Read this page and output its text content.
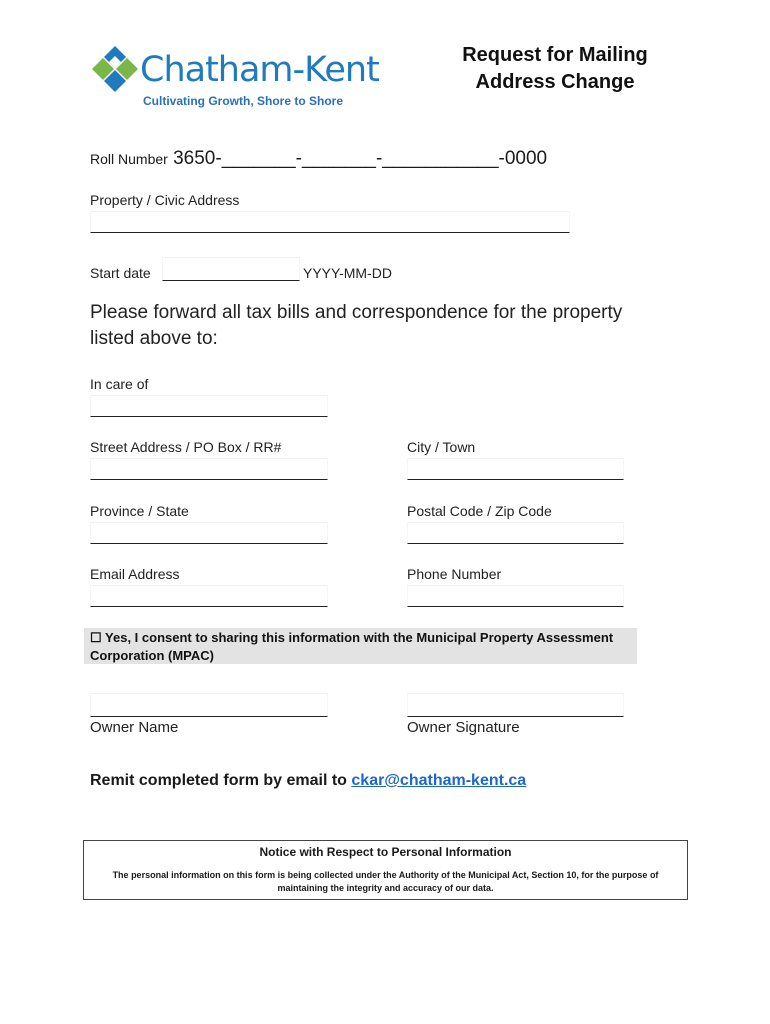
Chatham-Kent
Cultivating Growth, Shore to Shore
Request for Mailing
Address Change
Roll Number 3650-_______-_______-___________-0000
Property / Civic Address
Start date	YYYY-MM-DD
Please forward all tax bills and correspondence for the property listed above to:
In care of
Street Address / PO Box / RR#	City / Town
Province / State	Postal Code / Zip Code
Email Address	Phone Number
☐ Yes, I consent to sharing this information with the Municipal Property Assessment Corporation (MPAC)
Owner Name	Owner Signature
Remit completed form by email to ckar@chatham-kent.ca
Notice with Respect to Personal Information
The personal information on this form is being collected under the Authority of the Municipal Act, Section 10, for the purpose of maintaining the integrity and accuracy of our data.
